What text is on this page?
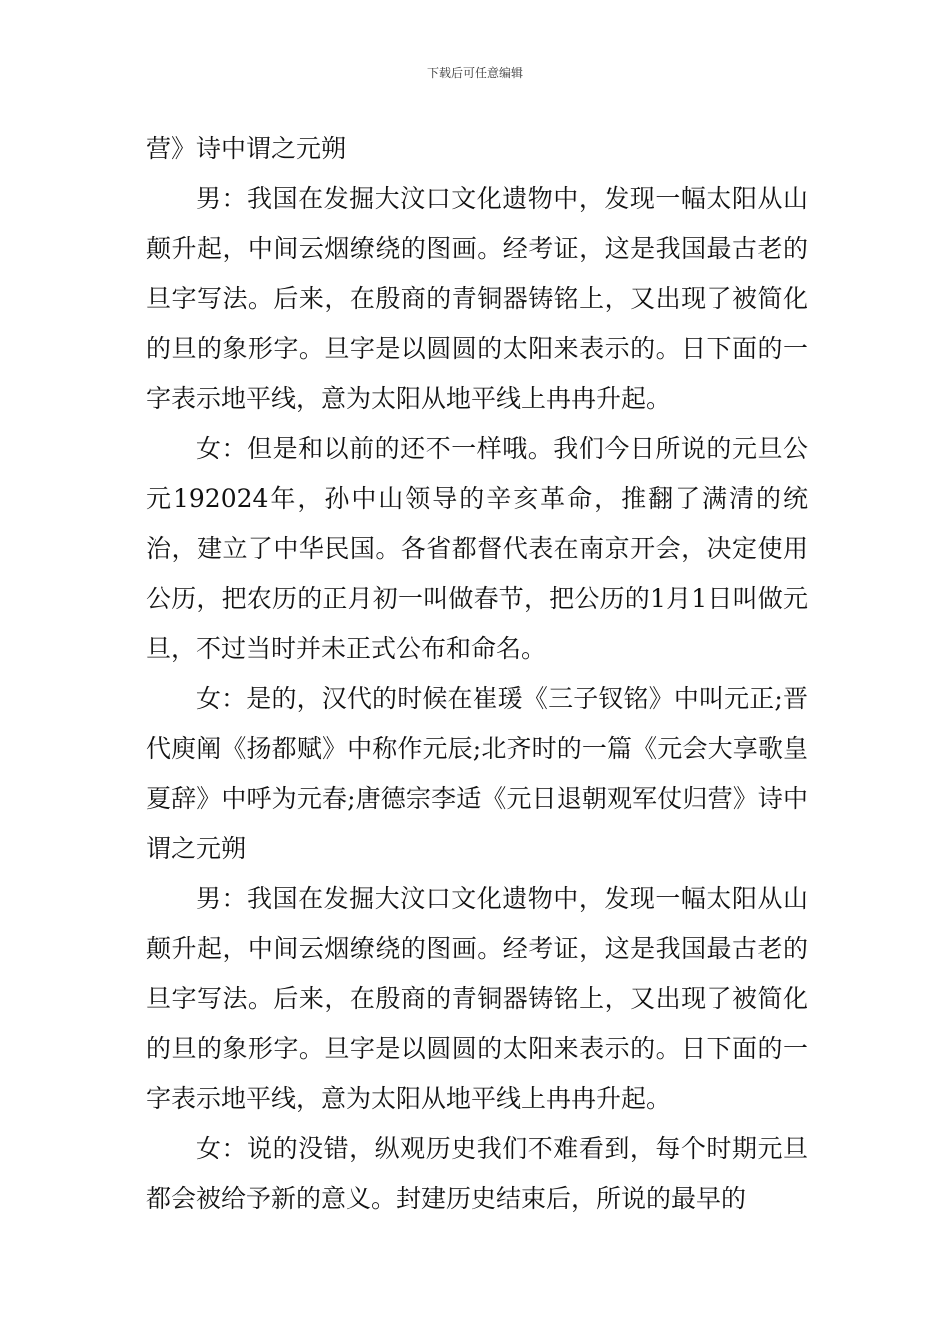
下载后可任意编辑

营》诗中谓之元朔

男：我国在发掘大汶口文化遗物中，发现一幅太阳从山颠升起，中间云烟缭绕的图画。经考证，这是我国最古老的旦字写法。后来，在殷商的青铜器铸铭上，又出现了被简化的旦的象形字。旦字是以圆圆的太阳来表示的。日下面的一字表示地平线，意为太阳从地平线上冉冉升起。

女：但是和以前的还不一样哦。我们今日所说的元旦公元192024年，孙中山领导的辛亥革命，推翻了满清的统治，建立了中华民国。各省都督代表在南京开会，决定使用公历，把农历的正月初一叫做春节，把公历的1月1日叫做元旦，不过当时并未正式公布和命名。

女：是的，汉代的时候在崔瑗《三子钗铭》中叫元正;晋代庾阐《扬都赋》中称作元辰;北齐时的一篇《元会大享歌皇夏辞》中呼为元春;唐德宗李适《元日退朝观军仗归营》诗中谓之元朔

男：我国在发掘大汶口文化遗物中，发现一幅太阳从山颠升起，中间云烟缭绕的图画。经考证，这是我国最古老的旦字写法。后来，在殷商的青铜器铸铭上，又出现了被简化的旦的象形字。旦字是以圆圆的太阳来表示的。日下面的一字表示地平线，意为太阳从地平线上冉冉升起。

女：说的没错，纵观历史我们不难看到，每个时期元旦都会被给予新的意义。封建历史结束后，所说的最早的
